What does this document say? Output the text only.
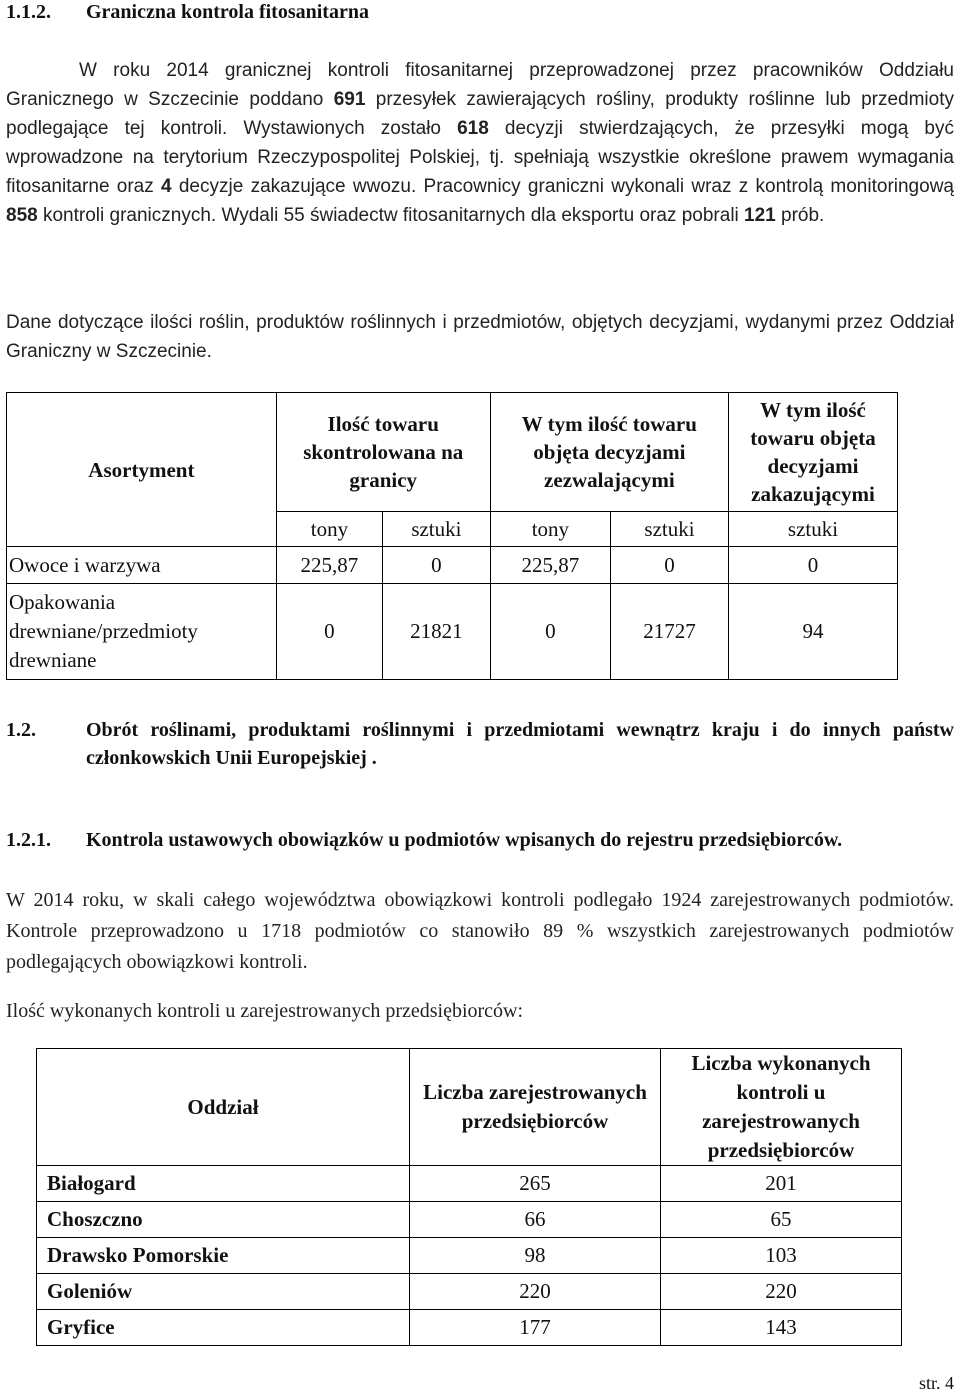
1.1.2. Graniczna kontrola fitosanitarna
W roku 2014 granicznej kontroli fitosanitarnej przeprowadzonej przez pracowników Oddziału Granicznego w Szczecinie poddano 691 przesyłek zawierających rośliny, produkty roślinne lub przedmioty podlegające tej kontroli. Wystawionych zostało 618 decyzji stwierdzających, że przesyłki mogą być wprowadzone na terytorium Rzeczypospolitej Polskiej, tj. spełniają wszystkie określone prawem wymagania fitosanitarne oraz 4 decyzje zakazujące wwozu. Pracownicy graniczni wykonali wraz z kontrolą monitoringową 858 kontroli granicznych. Wydali 55 świadectw fitosanitarnych dla eksportu oraz pobrali 121 prób.
Dane dotyczące ilości roślin, produktów roślinnych i przedmiotów, objętych decyzjami, wydanymi przez Oddział Graniczny w Szczecinie.
Asortyment	Ilość towaru skontrolowana na granicy		W tym ilość towaru objęta decyzjami zezwalającymi		W tym ilość towaru objęta decyzjami zakazującymi
	tony	sztuki	tony	sztuki	sztuki
Owoce i warzywa	225,87	0	225,87	0	0
Opakowania drewniane/przedmioty drewniane	0	21821	0	21727	94
1.2.	Obrót roślinami, produktami roślinnymi i przedmiotami wewnątrz kraju i do innych państw członkowskich Unii Europejskiej .
1.2.1.	Kontrola ustawowych obowiązków u podmiotów wpisanych do rejestru przedsiębiorców.
W 2014 roku, w skali całego województwa obowiązkowi kontroli podlegało 1924 zarejestrowanych podmiotów. Kontrole przeprowadzono u 1718 podmiotów co stanowiło 89 % wszystkich zarejestrowanych podmiotów podlegających obowiązkowi kontroli.
Ilość wykonanych kontroli u zarejestrowanych przedsiębiorców:
Oddział	Liczba zarejestrowanych przedsiębiorców	Liczba wykonanych kontroli u zarejestrowanych przedsiębiorców
Białogard	265	201
Choszczno	66	65
Drawsko Pomorskie	98	103
Goleniów	220	220
Gryfice	177	143
str. 4
